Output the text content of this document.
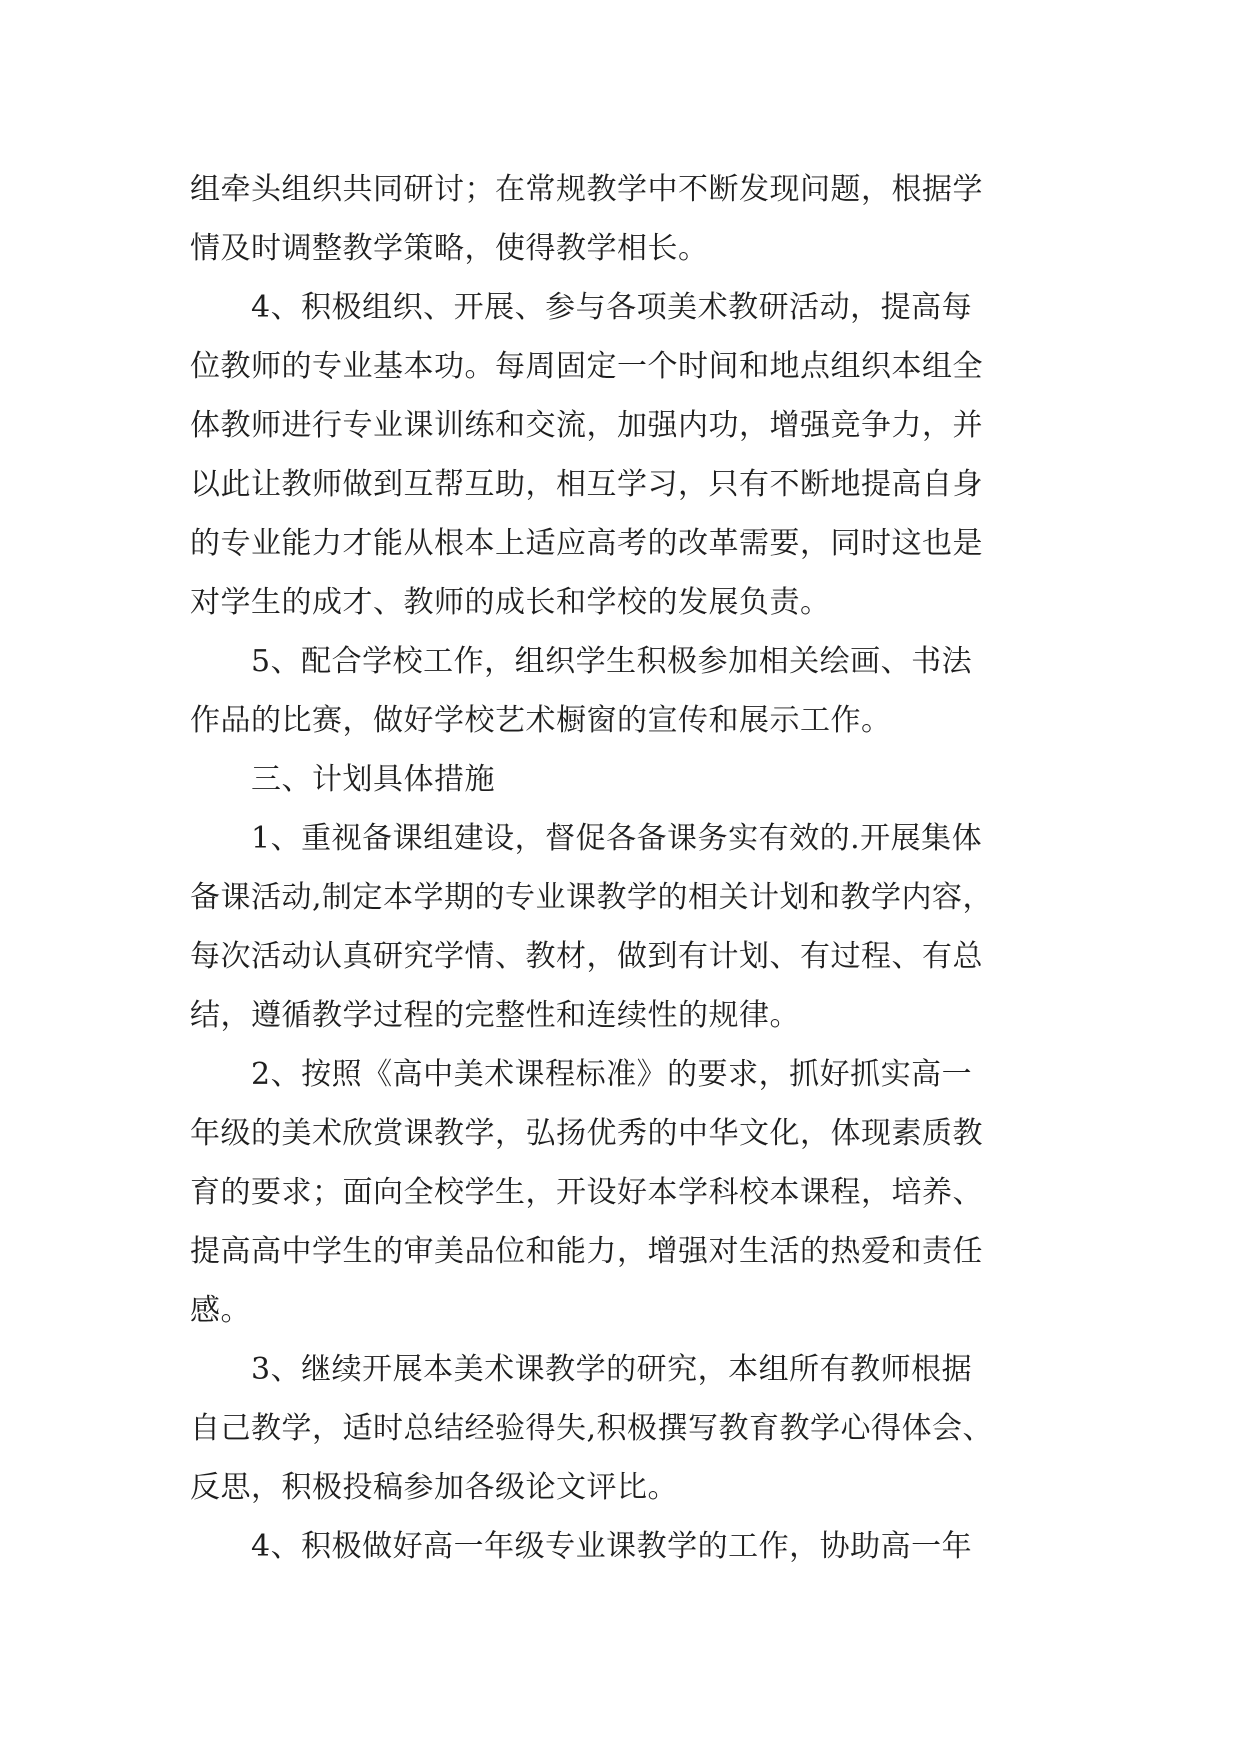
组牵头组织共同研讨；在常规教学中不断发现问题，根据学
情及时调整教学策略，使得教学相长。
4、积极组织、开展、参与各项美术教研活动，提高每
位教师的专业基本功。每周固定一个时间和地点组织本组全
体教师进行专业课训练和交流，加强内功，增强竞争力，并
以此让教师做到互帮互助，相互学习，只有不断地提高自身
的专业能力才能从根本上适应高考的改革需要，同时这也是
对学生的成才、教师的成长和学校的发展负责。
5、配合学校工作，组织学生积极参加相关绘画、书法
作品的比赛，做好学校艺术橱窗的宣传和展示工作。
三、计划具体措施
1、重视备课组建设，督促各备课务实有效的.开展集体
备课活动,制定本学期的专业课教学的相关计划和教学内容，
每次活动认真研究学情、教材，做到有计划、有过程、有总
结，遵循教学过程的完整性和连续性的规律。
2、按照《高中美术课程标准》的要求，抓好抓实高一
年级的美术欣赏课教学，弘扬优秀的中华文化，体现素质教
育的要求；面向全校学生，开设好本学科校本课程，培养、
提高高中学生的审美品位和能力，增强对生活的热爱和责任
感。
3、继续开展本美术课教学的研究，本组所有教师根据
自己教学，适时总结经验得失,积极撰写教育教学心得体会、
反思，积极投稿参加各级论文评比。
4、积极做好高一年级专业课教学的工作，协助高一年
